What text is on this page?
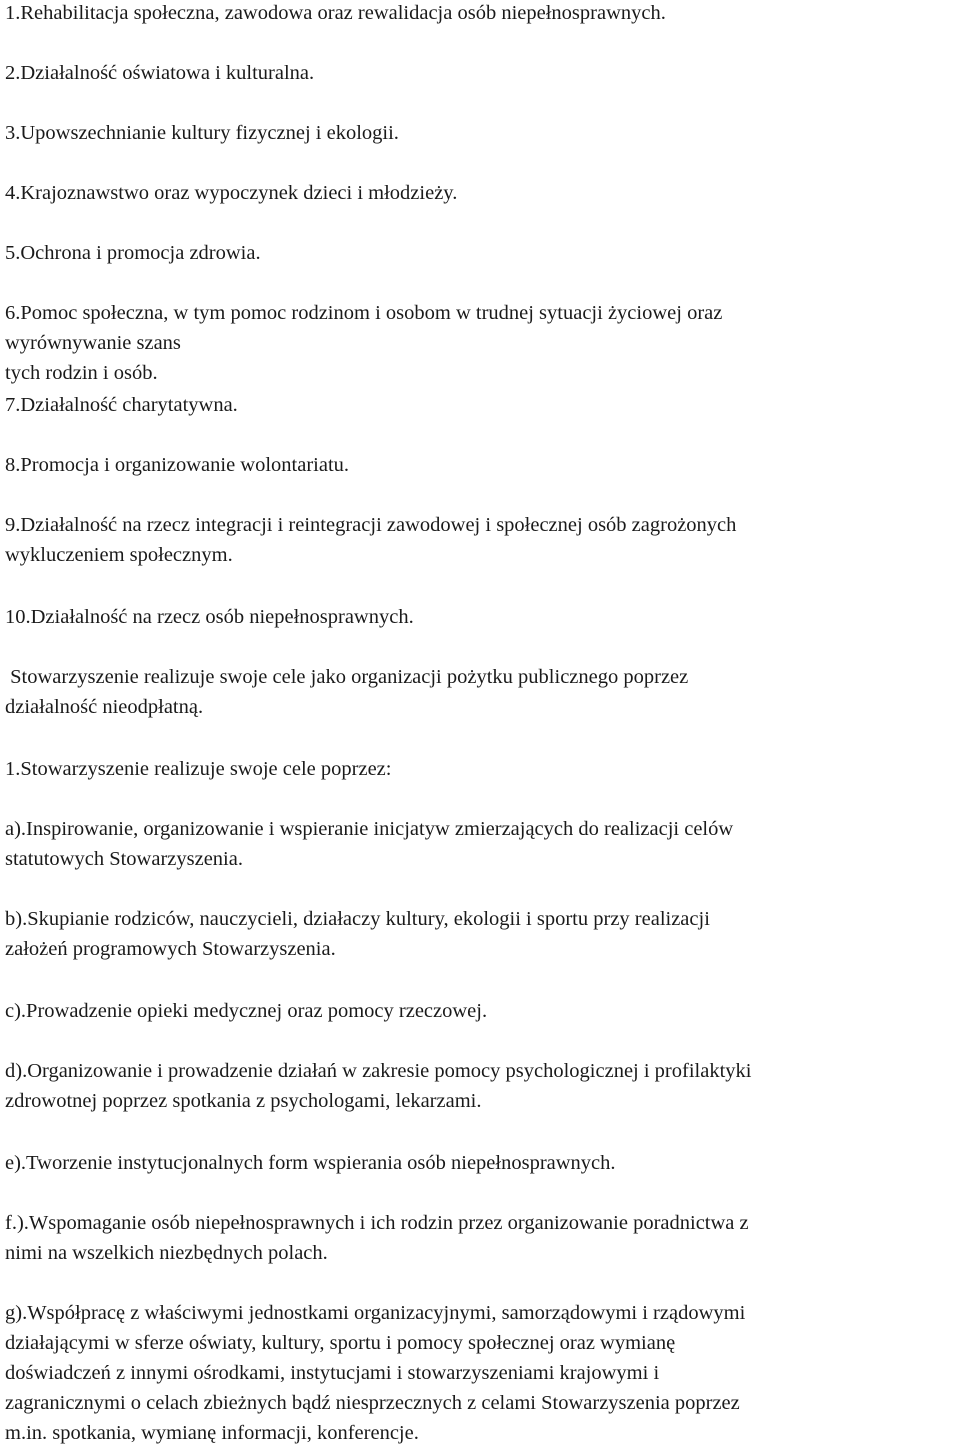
1.Rehabilitacja społeczna, zawodowa oraz rewalidacja osób niepełnosprawnych.

2.Działalność oświatowa i kulturalna.

3.Upowszechnianie kultury fizycznej i ekologii.

4.Krajoznawstwo oraz wypoczynek dzieci i młodzieży.

5.Ochrona i promocja zdrowia.

6.Pomoc społeczna, w tym pomoc rodzinom i osobom w trudnej sytuacji życiowej oraz
wyrównywanie szans
tych rodzin i osób.

7.Działalność charytatywna.

8.Promocja i organizowanie wolontariatu.

9.Działalność na rzecz integracji i reintegracji zawodowej i społecznej osób zagrożonych
wykluczeniem społecznym.

10.Działalność na rzecz osób niepełnosprawnych.

Stowarzyszenie realizuje swoje cele jako organizacji pożytku publicznego poprzez
działalność nieodpłatną.

1.Stowarzyszenie realizuje swoje cele poprzez:

a).Inspirowanie, organizowanie i wspieranie inicjatyw zmierzających do realizacji celów
statutowych Stowarzyszenia.
b).Skupianie rodziców, nauczycieli, działaczy kultury, ekologii i sportu przy realizacji
założeń programowych Stowarzyszenia.
c).Prowadzenie opieki medycznej oraz pomocy rzeczowej.
d).Organizowanie i prowadzenie działań w zakresie pomocy psychologicznej i profilaktyki
zdrowotnej poprzez spotkania z psychologami, lekarzami.
e).Tworzenie instytucjonalnych form wspierania osób niepełnosprawnych.
f.).Wspomaganie osób niepełnosprawnych i ich rodzin przez organizowanie poradnictwa z
nimi na wszelkich niezbędnych polach.
g).Współpracę z właściwymi jednostkami organizacyjnymi, samorządowymi i rządowymi
działającymi w sferze oświaty, kultury, sportu i pomocy społecznej oraz wymianę
doświadczeń z innymi ośrodkami, instytucjami i stowarzyszeniami krajowymi i
zagranicznymi o celach zbieżnych bądź niesprzecznych z celami Stowarzyszenia poprzez
m.in. spotkania, wymianę informacji, konferencje.
